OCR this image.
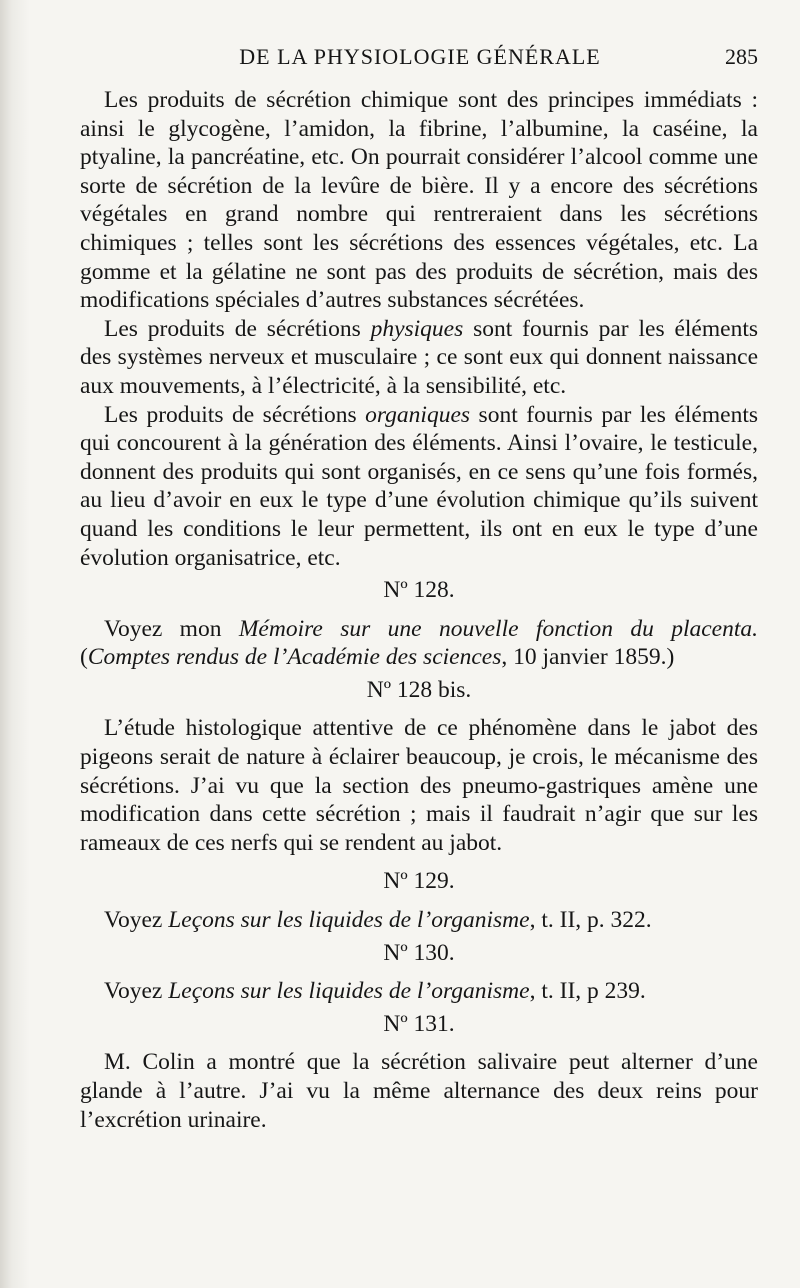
DE LA PHYSIOLOGIE GÉNÉRALE	285

Les produits de sécrétion chimique sont des principes immédiats : ainsi le glycogène, l’amidon, la fibrine, l’albumine, la caséine, la ptyaline, la pancréatine, etc. On pourrait considérer l’alcool comme une sorte de sécrétion de la levûre de bière. Il y a encore des sécrétions végétales en grand nombre qui rentreraient dans les sécrétions chimiques ; telles sont les sécrétions des essences végétales, etc. La gomme et la gélatine ne sont pas des produits de sécrétion, mais des modifications spéciales d’autres substances sécrétées.

Les produits de sécrétions physiques sont fournis par les éléments des systèmes nerveux et musculaire ; ce sont eux qui donnent naissance aux mouvements, à l’électricité, à la sensibilité, etc.

Les produits de sécrétions organiques sont fournis par les éléments qui concourent à la génération des éléments. Ainsi l’ovaire, le testicule, donnent des produits qui sont organisés, en ce sens qu’une fois formés, au lieu d’avoir en eux le type d’une évolution chimique qu’ils suivent quand les conditions le leur permettent, ils ont en eux le type d’une évolution organisatrice, etc.

Nº 128.

Voyez mon Mémoire sur une nouvelle fonction du placenta. (Comptes rendus de l’Académie des sciences, 10 janvier 1859.)

Nº 128 bis.

L’étude histologique attentive de ce phénomène dans le jabot des pigeons serait de nature à éclairer beaucoup, je crois, le mécanisme des sécrétions. J’ai vu que la section des pneumo-gastriques amène une modification dans cette sécrétion ; mais il faudrait n’agir que sur les rameaux de ces nerfs qui se rendent au jabot.

Nº 129.

Voyez Leçons sur les liquides de l’organisme, t. II, p. 322.

Nº 130.

Voyez Leçons sur les liquides de l’organisme, t. II, p 239.

Nº 131.

M. Colin a montré que la sécrétion salivaire peut alterner d’une glande à l’autre. J’ai vu la même alternance des deux reins pour l’excrétion urinaire.
